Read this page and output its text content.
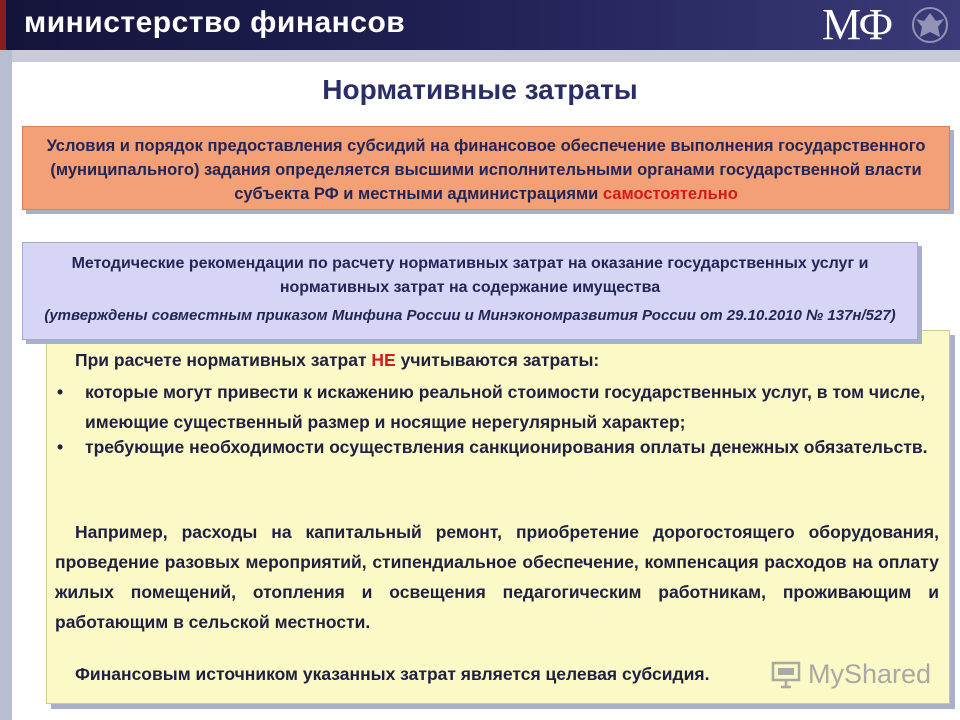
министерство финансов	МФ
Нормативные затраты
Условия и порядок предоставления субсидий на финансовое обеспечение выполнения государственного (муниципального) задания определяется высшими исполнительными органами государственной власти субъекта РФ и местными администрациями самостоятельно
Методические рекомендации по расчету нормативных затрат на оказание государственных услуг и нормативных затрат на содержание имущества
(утверждены совместным приказом Минфина России и Минэкономразвития России от 29.10.2010 № 137н/527)
При расчете нормативных затрат НЕ учитываются затраты:
• которые могут привести к искажению реальной стоимости государственных услуг, в том числе, имеющие существенный размер и носящие нерегулярный характер;
• требующие необходимости осуществления санкционирования оплаты денежных обязательств.
Например, расходы на капитальный ремонт, приобретение дорогостоящего оборудования, проведение разовых мероприятий, стипендиальное обеспечение, компенсация расходов на оплату жилых помещений, отопления и освещения педагогическим работникам, проживающим и работающим в сельской местности.
Финансовым источником указанных затрат является целевая субсидия.	MyShared
